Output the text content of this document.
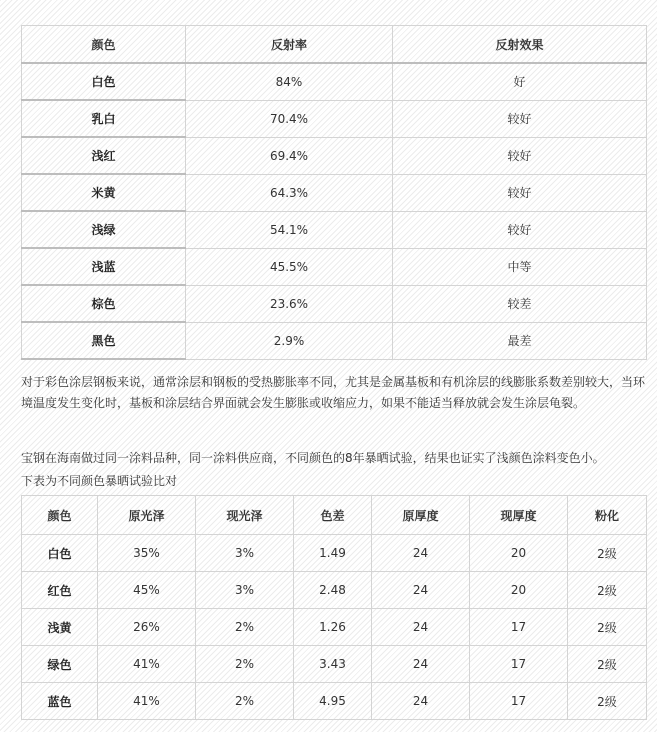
颜色	反射率	反射效果
白色	84%	好
乳白	70.4%	较好
浅红	69.4%	较好
米黄	64.3%	较好
浅绿	54.1%	较好
浅蓝	45.5%	中等
棕色	23.6%	较差
黑色	2.9%	最差

对于彩色涂层钢板来说，通常涂层和钢板的受热膨胀率不同，尤其是金属基板和有机涂层的线膨胀系数差别较大，当环境温度发生变化时，基板和涂层结合界面就会发生膨胀或收缩应力，如果不能适当释放就会发生涂层龟裂。

宝钢在海南做过同一涂料品种，同一涂料供应商，不同颜色的8年暴晒试验，结果也证实了浅颜色涂料变色小。

下表为不同颜色暴晒试验比对

颜色	原光泽	现光泽	色差	原厚度	现厚度	粉化
白色	35%	3%	1.49	24	20	2级
红色	45%	3%	2.48	24	20	2级
浅黄	26%	2%	1.26	24	17	2级
绿色	41%	2%	3.43	24	17	2级
蓝色	41%	2%	4.95	24	17	2级
